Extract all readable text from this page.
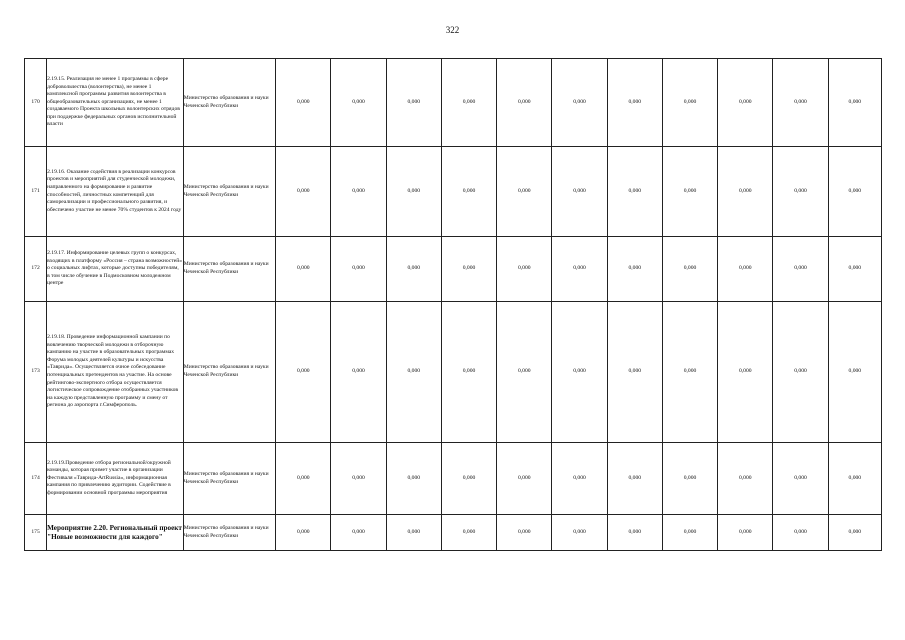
322
170	2.19.15. Реализация не менее 1 программы в сфере добровольчества (волонтерства), не менее 1 комплексной программы развития волонтерства в общеобразовательных организациях, не менее 1 создаваемого Проекта школьных волонтерских отрядов при поддержке федеральных органов исполнительной власти	Министерство образования и науки Чеченской Республики	0,000	0,000	0,000	0,000	0,000	0,000	0,000	0,000	0,000	0,000	0,000
171	2.19.16. Оказание содействия в реализации конкурсов проектов и мероприятий для студенческой молодежи, направленного на формирование и развитие способностей, личностных компетенций для самореализации и профессионального развития, и обеспечено участие не менее 70% студентов к 2024 году	Министерство образования и науки Чеченской Республики	0,000	0,000	0,000	0,000	0,000	0,000	0,000	0,000	0,000	0,000	0,000
172	2.19.17. Информирование целевых групп о конкурсах, входящих в платформу «Россия – страна возможностей» о социальных лифтах, которые доступны победителям, в том числе обучение в Подмосковном молодежном центре	Министерство образования и науки Чеченской Республики	0,000	0,000	0,000	0,000	0,000	0,000	0,000	0,000	0,000	0,000	0,000
173	2.19.18. Проведение информационной кампании по вовлечению творческой молодежи в отборочную кампанию на участие в образовательных программах Форума молодых деятелей культуры и искусства «Таврида». Осуществляется очное собеседование потенциальных претендентов на участие. На основе рейтингово-экспертного отбора осуществляется логистическое сопровождение отобранных участников на каждую представленную программу и смену от региона до аэропорта г.Симферополь.	Министерство образования и науки Чеченской Республики	0,000	0,000	0,000	0,000	0,000	0,000	0,000	0,000	0,000	0,000	0,000
174	2.19.19.Проведение отбора региональной/окружной команды, которая примет участие в организации Фестиваля «Таврида-ArtRussia», информационная кампания по привлечению аудитории. Содействие в формировании основной программы мероприятия	Министерство образования и науки Чеченской Республики	0,000	0,000	0,000	0,000	0,000	0,000	0,000	0,000	0,000	0,000	0,000
175	Мероприятие 2.20. Региональный проект "Новые возможности для каждого"	Министерство образования и науки Чеченской Республики	0,000	0,000	0,000	0,000	0,000	0,000	0,000	0,000	0,000	0,000	0,000
